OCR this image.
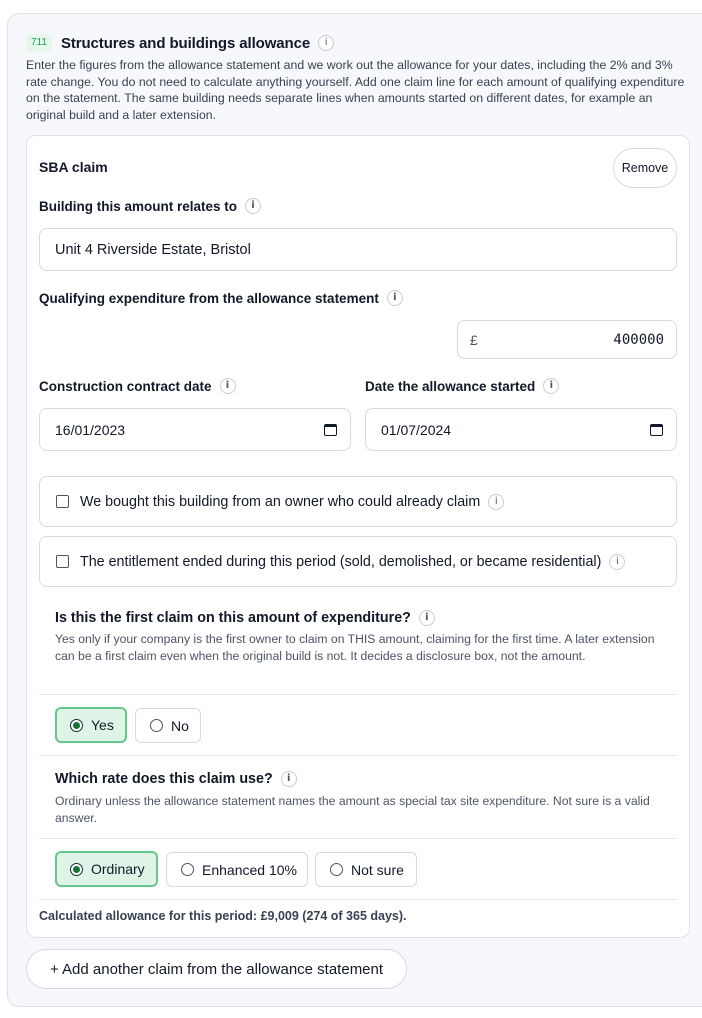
711 Structures and buildings allowance	i

Enter the figures from the allowance statement and we work out the allowance for your dates, including the 2% and 3% rate change. You do not need to calculate anything yourself. Add one claim line for each amount of qualifying expenditure on the statement. The same building needs separate lines when amounts started on different dates, for example an original build and a later extension.

SBA claim	Remove
Building this amount relates to	i
Unit 4 Riverside Estate, Bristol
Qualifying expenditure from the allowance statement	i
£	400000
Construction contract date	i
16/01/2023
Date the allowance started	i
01/07/2024
We bought this building from an owner who could already claim	i
The entitlement ended during this period (sold, demolished, or became residential)	i
Is this the first claim on this amount of expenditure?	i

Yes only if your company is the first owner to claim on THIS amount, claiming for the first time. A later extension can be a first claim even when the original build is not. It decides a disclosure box, not the amount.

Yes	No
Which rate does this claim use?	i

Ordinary unless the allowance statement names the amount as special tax site expenditure. Not sure is a valid answer.

Ordinary	Enhanced 10%	Not sure
Calculated allowance for this period: £9,009 (274 of 365 days).
+ Add another claim from the allowance statement
